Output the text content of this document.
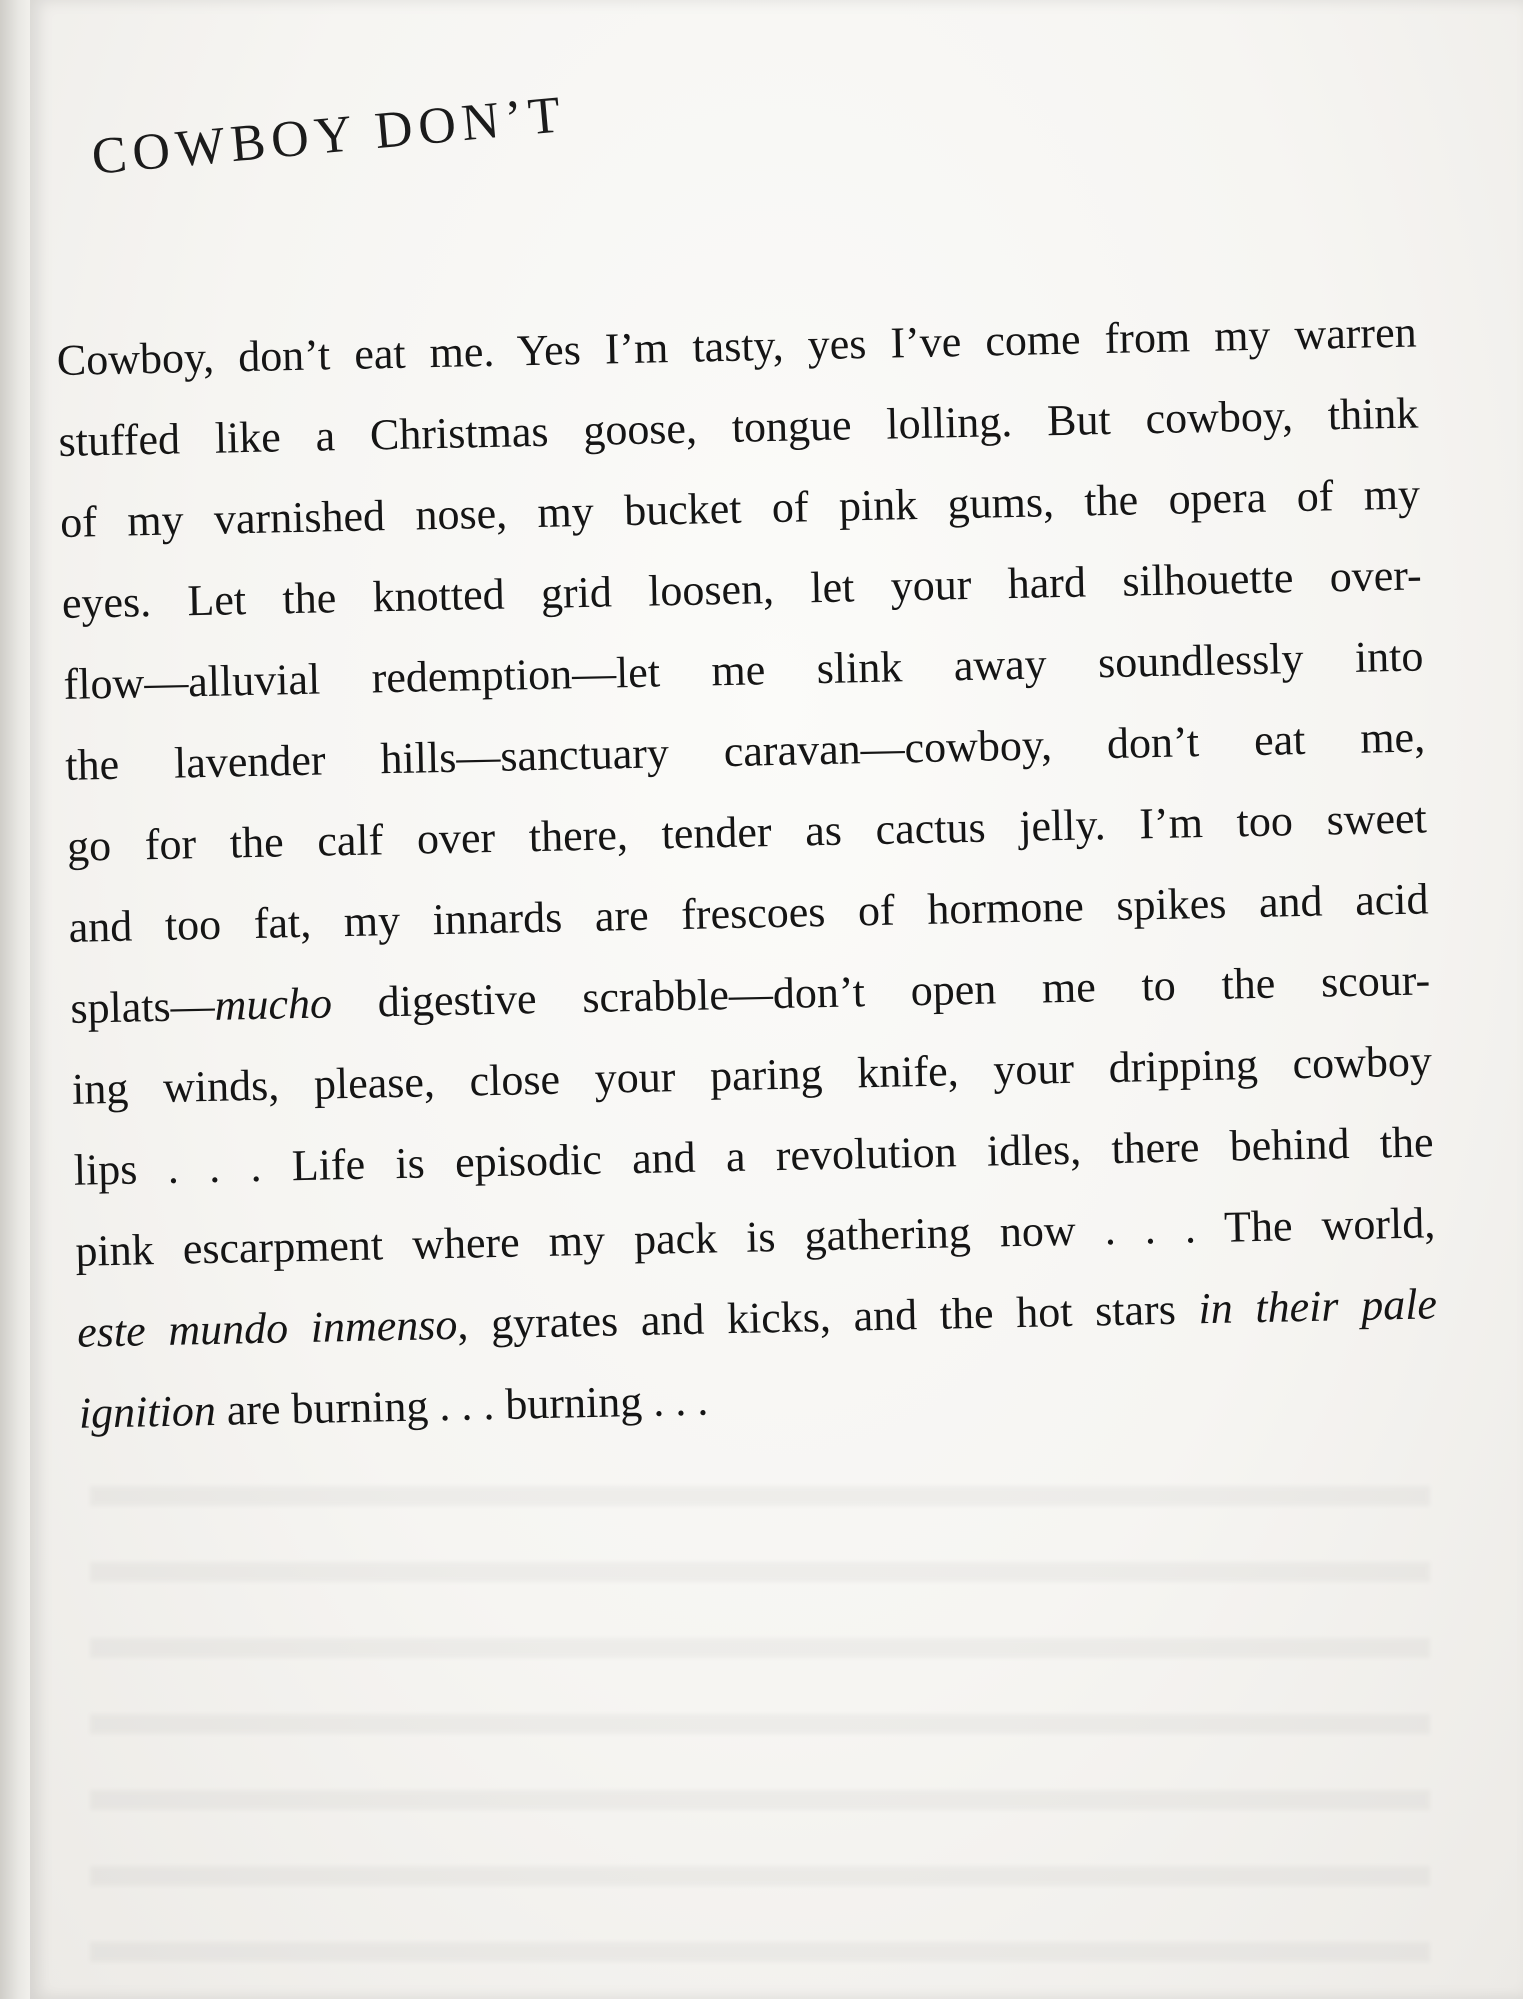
COWBOY DON’T
Cowboy, don’t eat me. Yes I’m tasty, yes I’ve come from my warren
stuffed like a Christmas goose, tongue lolling. But cowboy, think
of my varnished nose, my bucket of pink gums, the opera of my
eyes. Let the knotted grid loosen, let your hard silhouette over-
flow—alluvial redemption—let me slink away soundlessly into
the lavender hills—sanctuary caravan—cowboy, don’t eat me,
go for the calf over there, tender as cactus jelly. I’m too sweet
and too fat, my innards are frescoes of hormone spikes and acid
splats—mucho digestive scrabble—don’t open me to the scour-
ing winds, please, close your paring knife, your dripping cowboy
lips . . . Life is episodic and a revolution idles, there behind the
pink escarpment where my pack is gathering now . . . The world,
este mundo inmenso, gyrates and kicks, and the hot stars in their pale
ignition are burning . . . burning . . .
